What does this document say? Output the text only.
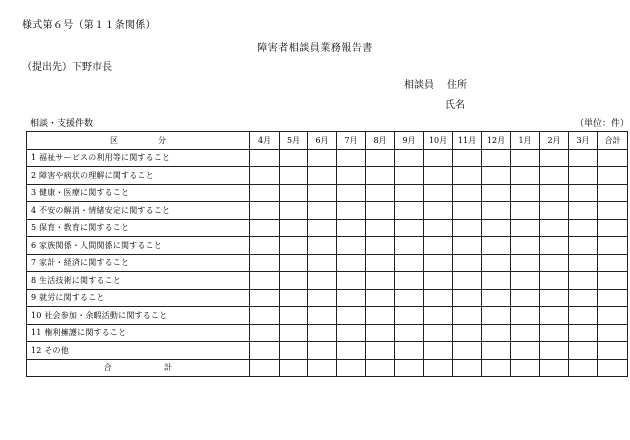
様式第６号（第１１条関係）
障害者相談員業務報告書
（提出先）下野市長
相談員 住所
氏名
相談・支援件数	（単位：件）
区 分	4月	5月	6月	7月	8月	9月	10月	11月	12月	1月	2月	3月	合計
1 福祉サービスの利用等に関すること													
2 障害や病状の理解に関すること													
3 健康・医療に関すること													
4 不安の解消・情緒安定に関すること													
5 保育・教育に関すること													
6 家族関係・人間関係に関すること													
7 家計・経済に関すること													
8 生活技術に関すること													
9 就労に関すること													
10 社会参加・余暇活動に関すること													
11 権利擁護に関すること													
12 その他													
合 計													
